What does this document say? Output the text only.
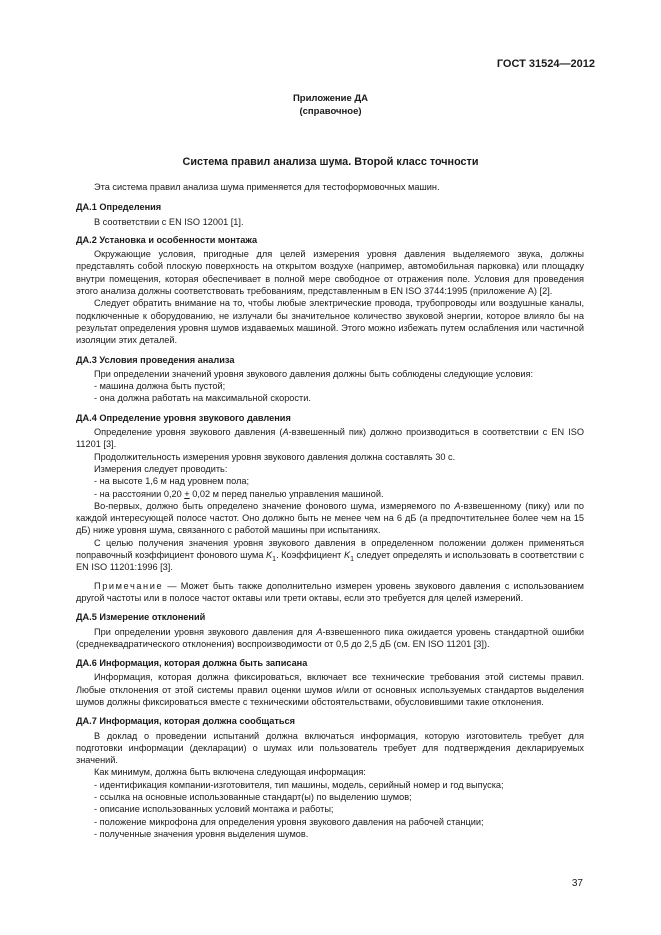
ГОСТ 31524—2012
Приложение ДА
(справочное)
Система правил анализа шума. Второй класс точности

Эта система правил анализа шума применяется для тестоформовочных машин.

ДА.1 Определения

В соответствии с EN ISO 12001 [1].

ДА.2 Установка и особенности монтажа

Окружающие условия, пригодные для целей измерения уровня давления выделяемого звука, должны представлять собой плоскую поверхность на открытом воздухе (например, автомобильная парковка) или площадку внутри помещения, которая обеспечивает в полной мере свободное от отражения поле. Условия для проведения этого анализа должны соответствовать требованиям, представленным в EN ISO 3744:1995 (приложение A) [2].

Следует обратить внимание на то, чтобы любые электрические провода, трубопроводы или воздушные каналы, подключенные к оборудованию, не излучали бы значительное количество звуковой энергии, которое влияло бы на результат определения уровня шумов издаваемых машиной. Этого можно избежать путем ослабления или частичной изоляции этих деталей.

ДА.3 Условия проведения анализа

При определении значений уровня звукового давления должны быть соблюдены следующие условия:

- машина должна быть пустой;

- она должна работать на максимальной скорости.

ДА.4 Определение уровня звукового давления

Определение уровня звукового давления (A-взвешенный пик) должно производиться в соответствии с EN ISO 11201 [3].

Продолжительность измерения уровня звукового давления должна составлять 30 с.

Измерения следует проводить:

- на высоте 1,6 м над уровнем пола;

- на расстоянии 0,20 + 0,02 м перед панелью управления машиной.

Во-первых, должно быть определено значение фонового шума, измеряемого по A-взвешенному (пику) или по каждой интересующей полосе частот. Оно должно быть не менее чем на 6 дБ (а предпочтительнее более чем на 15 дБ) ниже уровня шума, связанного с работой машины при испытаниях.

С целью получения значения уровня звукового давления в определенном положении должен применяться поправочный коэффициент фонового шума $K_1$. Коэффициент $K_1$ следует определять и использовать в соответствии с EN ISO 11201:1996 [3].

Примечание — Может быть также дополнительно измерен уровень звукового давления с использованием другой частоты или в полосе частот октавы или трети октавы, если это требуется для целей измерений.

ДА.5 Измерение отклонений

При определении уровня звукового давления для A-взвешенного пика ожидается уровень стандартной ошибки (среднеквадратического отклонения) воспроизводимости от 0,5 до 2,5 дБ (см. EN ISO 11201 [3]).

ДА.6 Информация, которая должна быть записана

Информация, которая должна фиксироваться, включает все технические требования этой системы правил. Любые отклонения от этой системы правил оценки шумов и/или от основных используемых стандартов выделения шумов должны фиксироваться вместе с техническими обстоятельствами, обусловившими такие отклонения.

ДА.7 Информация, которая должна сообщаться

В доклад о проведении испытаний должна включаться информация, которую изготовитель требует для подготовки информации (декларации) о шумах или пользователь требует для подтверждения декларируемых значений.

Как минимум, должна быть включена следующая информация:

- идентификация компании-изготовителя, тип машины, модель, серийный номер и год выпуска;

- ссылка на основные использованные стандарт(ы) по выделению шумов;

- описание использованных условий монтажа и работы;

- положение микрофона для определения уровня звукового давления на рабочей станции;

- полученные значения уровня выделения шумов.

37
